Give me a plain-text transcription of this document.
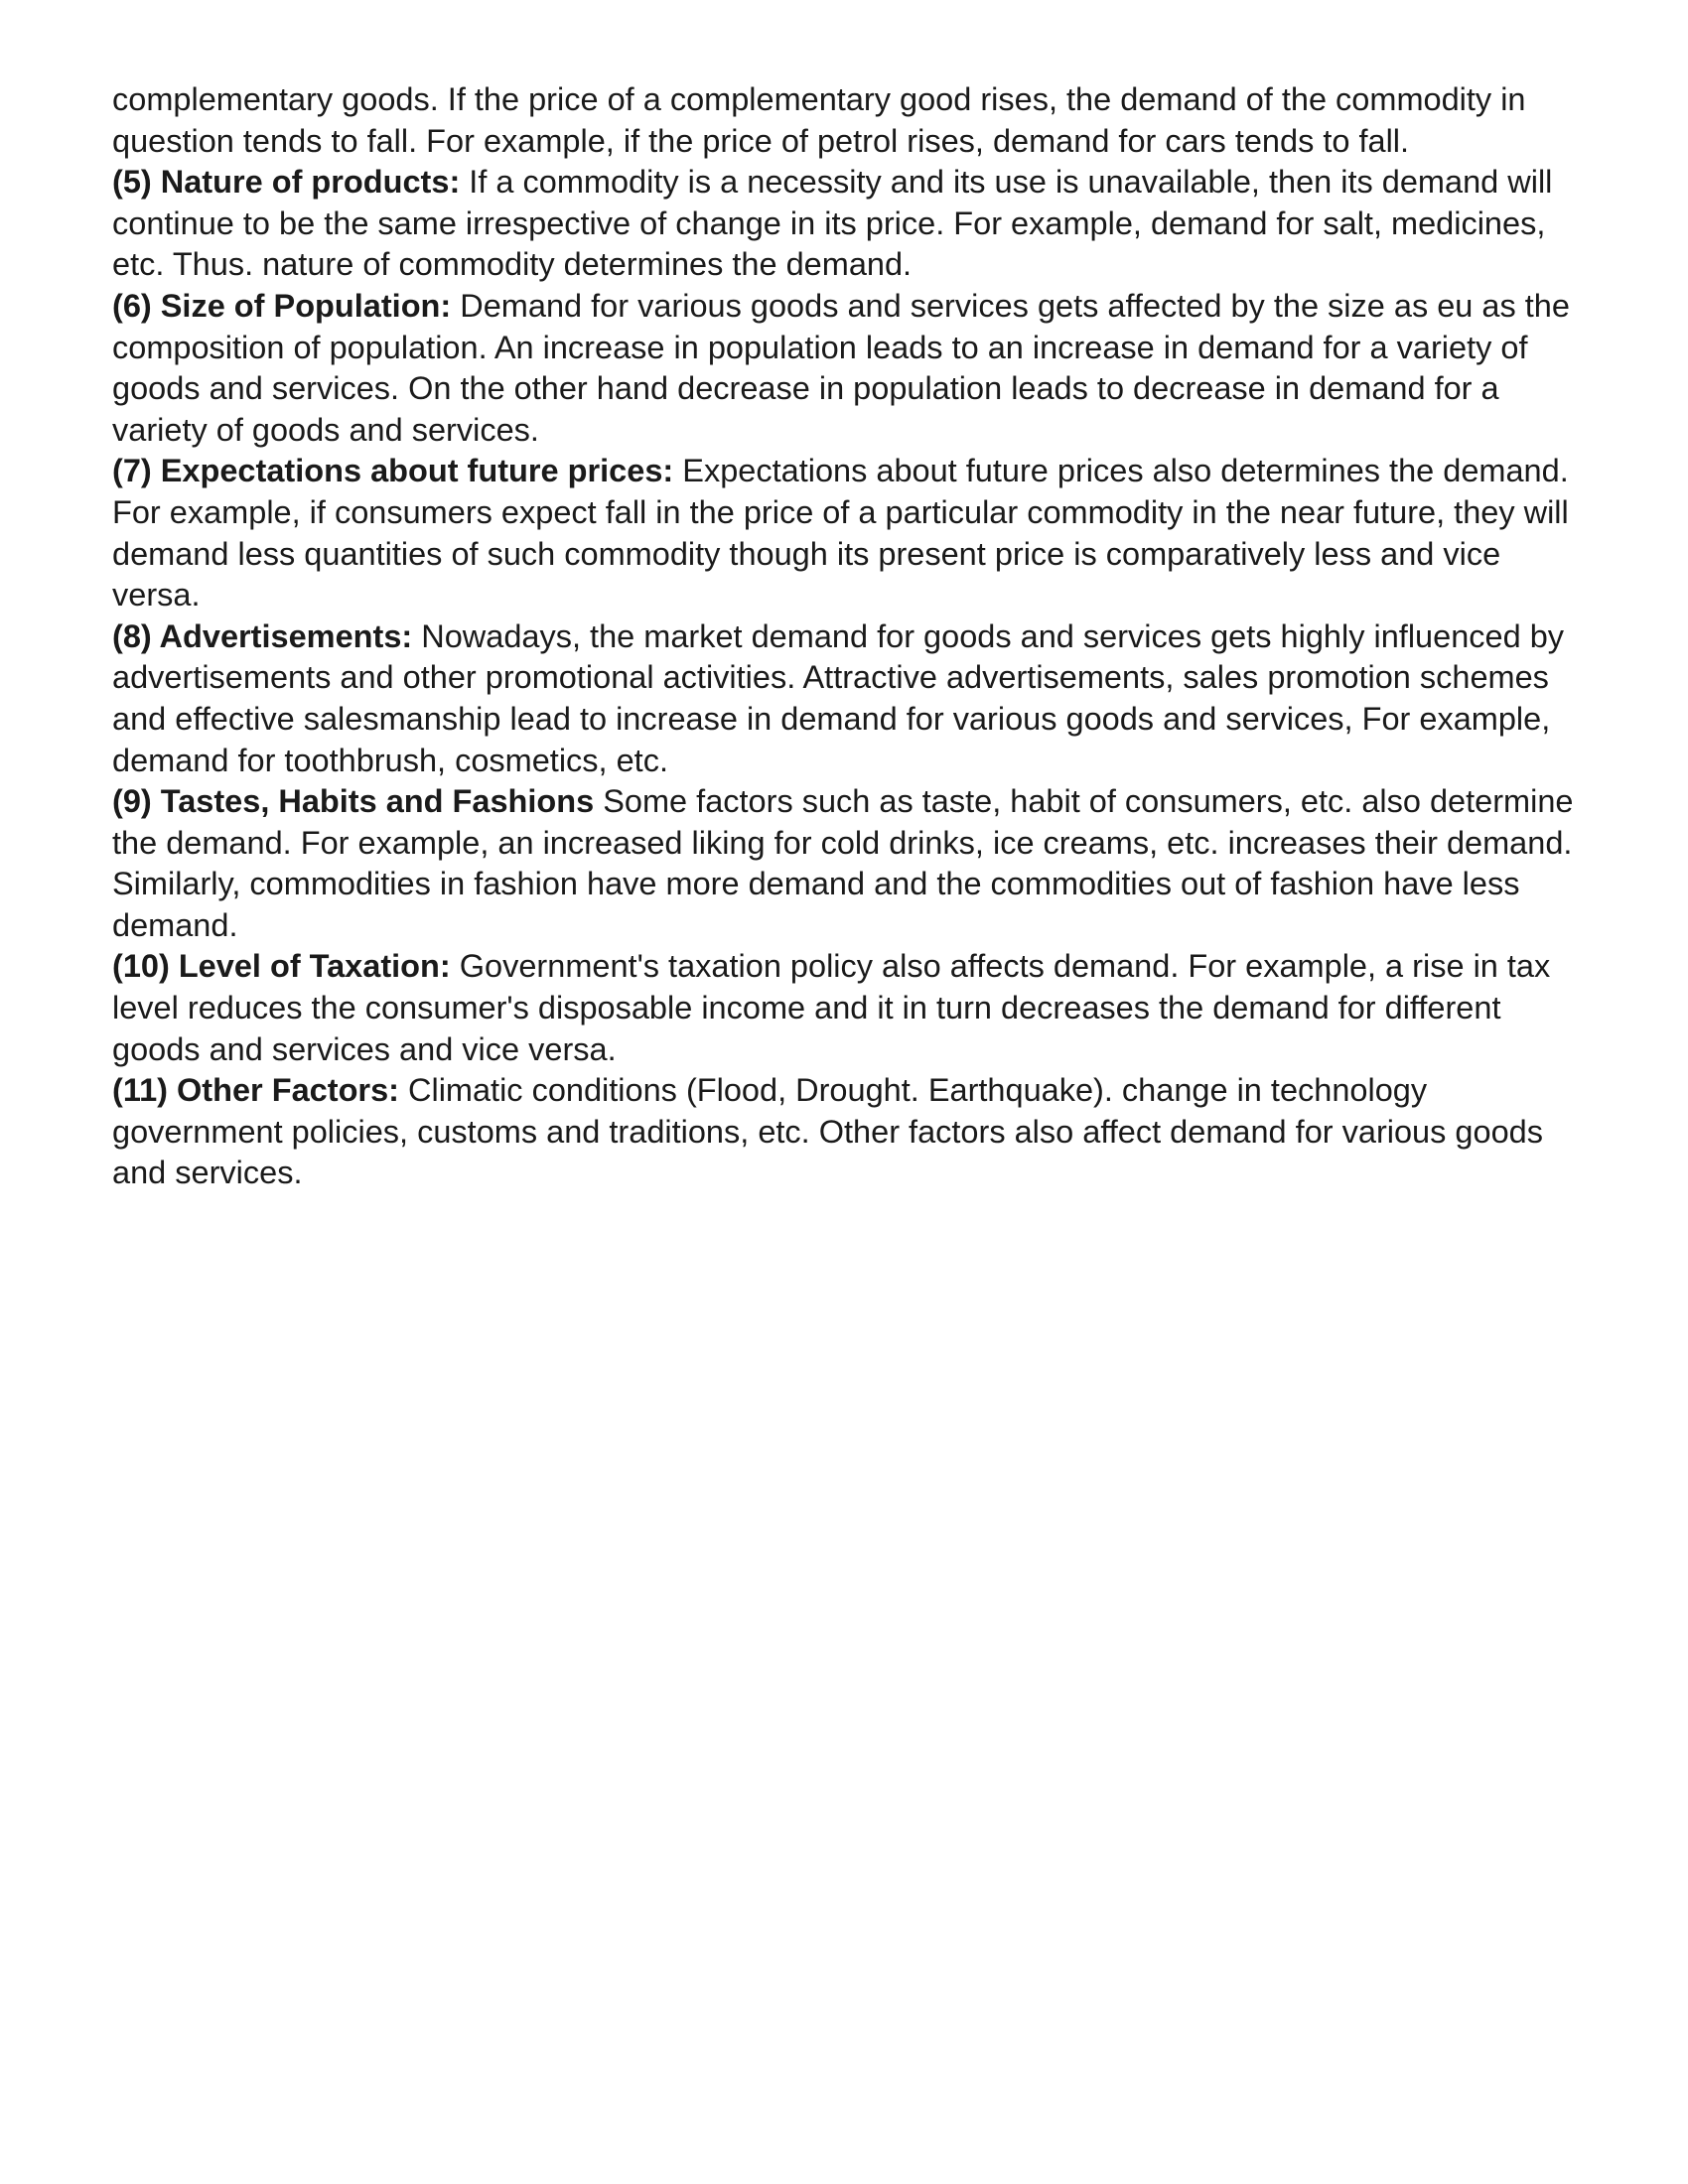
complementary goods. If the price of a complementary good rises, the demand of the commodity in question tends to fall. For example, if the price of petrol rises, demand for cars tends to fall.

(5) Nature of products: If a commodity is a necessity and its use is unavailable, then its demand will continue to be the same irrespective of change in its price. For example, demand for salt, medicines, etc. Thus. nature of commodity determines the demand.

(6) Size of Population: Demand for various goods and services gets affected by the size as eu as the composition of population. An increase in population leads to an increase in demand for a variety of goods and services. On the other hand decrease in population leads to decrease in demand for a variety of goods and services.

(7) Expectations about future prices: Expectations about future prices also determines the demand. For example, if consumers expect fall in the price of a particular commodity in the near future, they will demand less quantities of such commodity though its present price is comparatively less and vice versa.

(8) Advertisements: Nowadays, the market demand for goods and services gets highly influenced by advertisements and other promotional activities. Attractive advertisements, sales promotion schemes and effective salesmanship lead to increase in demand for various goods and services, For example, demand for toothbrush, cosmetics, etc.

(9) Tastes, Habits and Fashions Some factors such as taste, habit of consumers, etc. also determine the demand. For example, an increased liking for cold drinks, ice creams, etc. increases their demand. Similarly, commodities in fashion have more demand and the commodities out of fashion have less demand.

(10) Level of Taxation: Government's taxation policy also affects demand. For example, a rise in tax level reduces the consumer's disposable income and it in turn decreases the demand for different goods and services and vice versa.

(11) Other Factors: Climatic conditions (Flood, Drought. Earthquake). change in technology government policies, customs and traditions, etc. Other factors also affect demand for various goods and services.
